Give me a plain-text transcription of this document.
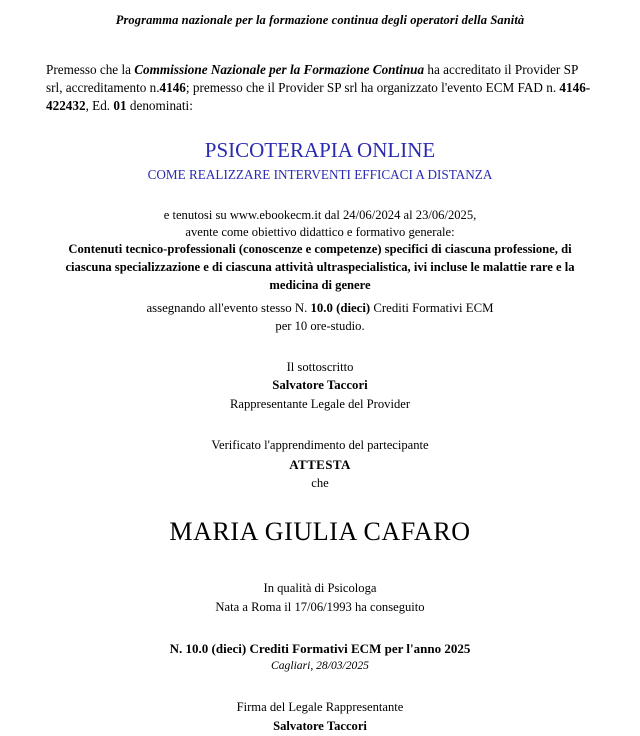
Programma nazionale per la formazione continua degli operatori della Sanità
Premesso che la Commissione Nazionale per la Formazione Continua ha accreditato il Provider SP srl, accreditamento n.4146; premesso che il Provider SP srl ha organizzato l'evento ECM FAD n. 4146-422432, Ed. 01 denominati:
PSICOTERAPIA ONLINE
COME REALIZZARE INTERVENTI EFFICACI A DISTANZA
e tenutosi su www.ebookecm.it dal 24/06/2024 al 23/06/2025,
avente come obiettivo didattico e formativo generale:
Contenuti tecnico-professionali (conoscenze e competenze) specifici di ciascuna professione, di ciascuna specializzazione e di ciascuna attività ultraspecialistica, ivi incluse le malattie rare e la medicina di genere
assegnando all'evento stesso N. 10.0 (dieci) Crediti Formativi ECM
per 10 ore-studio.
Il sottoscritto
Salvatore Taccori
Rappresentante Legale del Provider
Verificato l'apprendimento del partecipante
ATTESTA
che
MARIA GIULIA CAFARO
In qualità di Psicologa
Nata a Roma il 17/06/1993 ha conseguito
N. 10.0 (dieci) Crediti Formativi ECM per l'anno 2025
Cagliari, 28/03/2025
Firma del Legale Rappresentante
Salvatore Taccori
